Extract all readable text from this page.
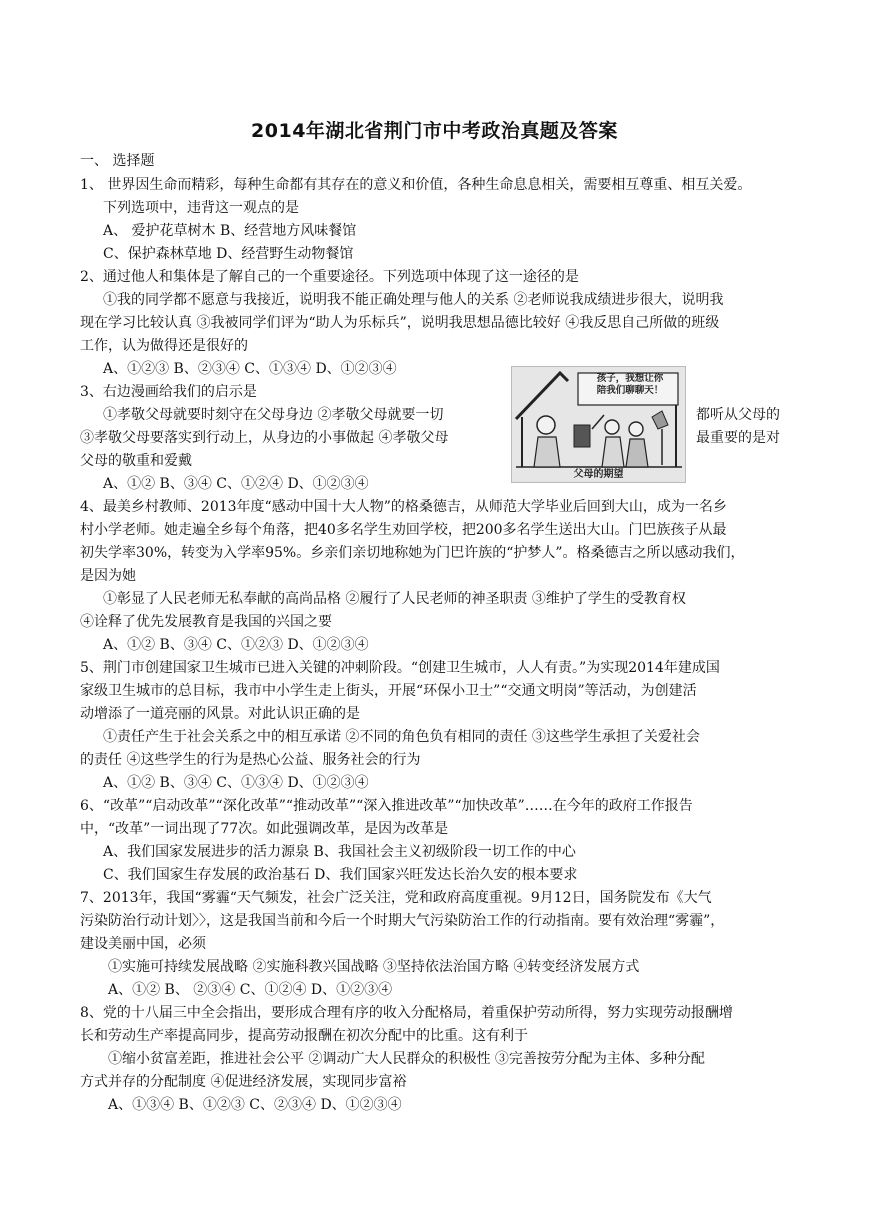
2014年湖北省荆门市中考政治真题及答案
一、 选择题
1、 世界因生命而精彩，每种生命都有其存在的意义和价值，各种生命息息相关，需要相互尊重、相互关爱。
下列选项中，违背这一观点的是
A、 爱护花草树木 B、经营地方风味餐馆
C、保护森林草地 D、经营野生动物餐馆
2、通过他人和集体是了解自己的一个重要途径。下列选项中体现了这一途径的是
①我的同学都不愿意与我接近，说明我不能正确处理与他人的关系 ②老师说我成绩进步很大，说明我
现在学习比较认真 ③我被同学们评为“助人为乐标兵”，说明我思想品德比较好 ④我反思自己所做的班级
工作，认为做得还是很好的
A、①②③ B、②③④ C、①③④ D、①②③④
3、右边漫画给我们的启示是
①孝敬父母就要时刻守在父母身边 ②孝敬父母就要一切	都听从父母的
③孝敬父母要落实到行动上，从身边的小事做起 ④孝敬父母	最重要的是对
父母的敬重和爱戴
A、①② B、③④ C、①②④ D、①②③④
孩子，我想让你
陪我们聊聊天！
父母的期望
4、最美乡村教师、2013年度“感动中国十大人物”的格桑德吉，从师范大学毕业后回到大山，成为一名乡
村小学老师。她走遍全乡每个角落，把40多名学生劝回学校，把200多名学生送出大山。门巴族孩子从最
初失学率30%，转变为入学率95%。乡亲们亲切地称她为门巴许族的“护梦人”。格桑德吉之所以感动我们，
是因为她
①彰显了人民老师无私奉献的高尚品格 ②履行了人民老师的神圣职责 ③维护了学生的受教育权
④诠释了优先发展教育是我国的兴国之要
A、①② B、③④ C、①②③ D、①②③④
5、荆门市创建国家卫生城市已进入关键的冲刺阶段。“创建卫生城市，人人有责。”为实现2014年建成国
家级卫生城市的总目标，我市中小学生走上街头，开展“环保小卫士”“交通文明岗”等活动，为创建活
动增添了一道亮丽的风景。对此认识正确的是
①责任产生于社会关系之中的相互承诺 ②不同的角色负有相同的责任 ③这些学生承担了关爱社会
的责任 ④这些学生的行为是热心公益、服务社会的行为
A、①② B、③④ C、①③④ D、①②③④
6、“改革”“启动改革”“深化改革”“推动改革”“深入推进改革”“加快改革”……在今年的政府工作报告
中，“改革”一词出现了77次。如此强调改革，是因为改革是
A、我们国家发展进步的活力源泉 B、我国社会主义初级阶段一切工作的中心
C、我们国家生存发展的政治基石 D、我们国家兴旺发达长治久安的根本要求
7、2013年，我国“雾霾“天气频发，社会广泛关注，党和政府高度重视。9月12日，国务院发布《大气
污染防治行动计划〉〉，这是我国当前和今后一个时期大气污染防治工作的行动指南。要有效治理“雾霾”，
建设美丽中国，必须
①实施可持续发展战略 ②实施科教兴国战略 ③坚持依法治国方略 ④转变经济发展方式
A、①② B、 ②③④ C、①②④ D、①②③④
8、党的十八届三中全会指出，要形成合理有序的收入分配格局，着重保护劳动所得，努力实现劳动报酬增
长和劳动生产率提高同步，提高劳动报酬在初次分配中的比重。这有利于
①缩小贫富差距，推进社会公平 ②调动广大人民群众的积极性 ③完善按劳分配为主体、多种分配
方式并存的分配制度 ④促进经济发展，实现同步富裕
A、①③④ B、①②③ C、②③④ D、①②③④
